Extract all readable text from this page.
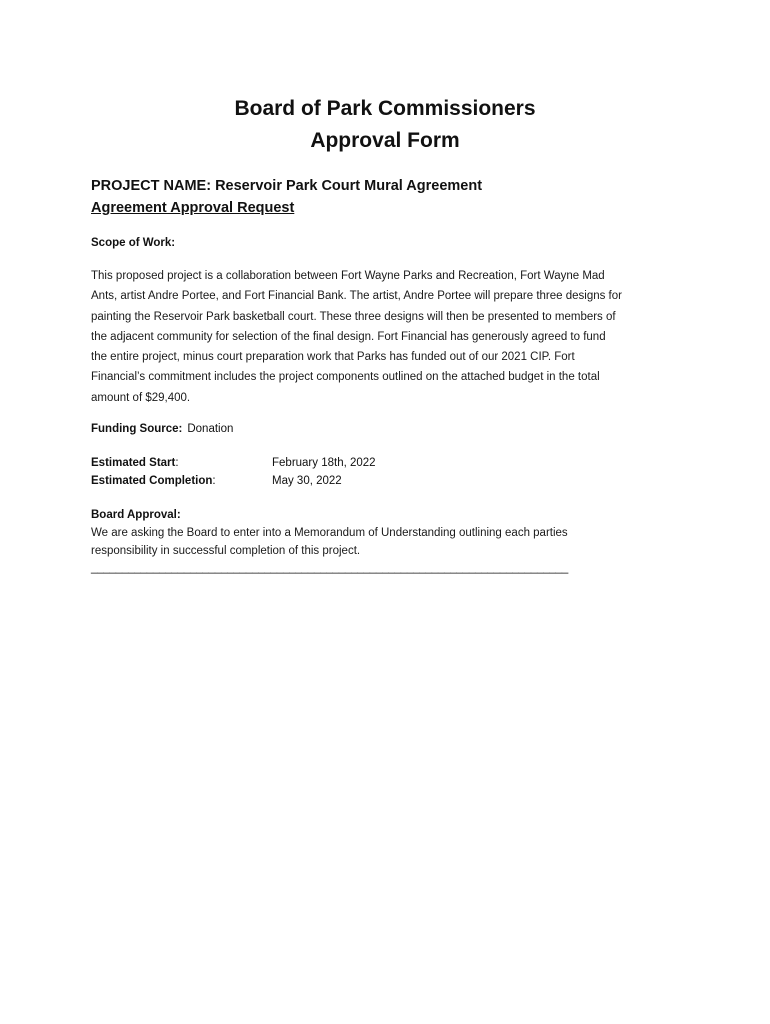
Board of Park Commissioners
Approval Form
PROJECT NAME: Reservoir Park Court Mural Agreement
Agreement Approval Request
Scope of Work:
This proposed project is a collaboration between Fort Wayne Parks and Recreation, Fort Wayne Mad
Ants, artist Andre Portee, and Fort Financial Bank. The artist, Andre Portee will prepare three designs for
painting the Reservoir Park basketball court. These three designs will then be presented to members of
the adjacent community for selection of the final design. Fort Financial has generously agreed to fund
the entire project, minus court preparation work that Parks has funded out of our 2021 CIP. Fort
Financial’s commitment includes the project components outlined on the attached budget in the total
amount of $29,400.
Funding Source: Donation
Estimated Start:	February 18th, 2022
Estimated Completion:	May 30, 2022
Board Approval:
We are asking the Board to enter into a Memorandum of Understanding outlining each parties
responsibility in successful completion of this project.
_____________________________________________________________________________
